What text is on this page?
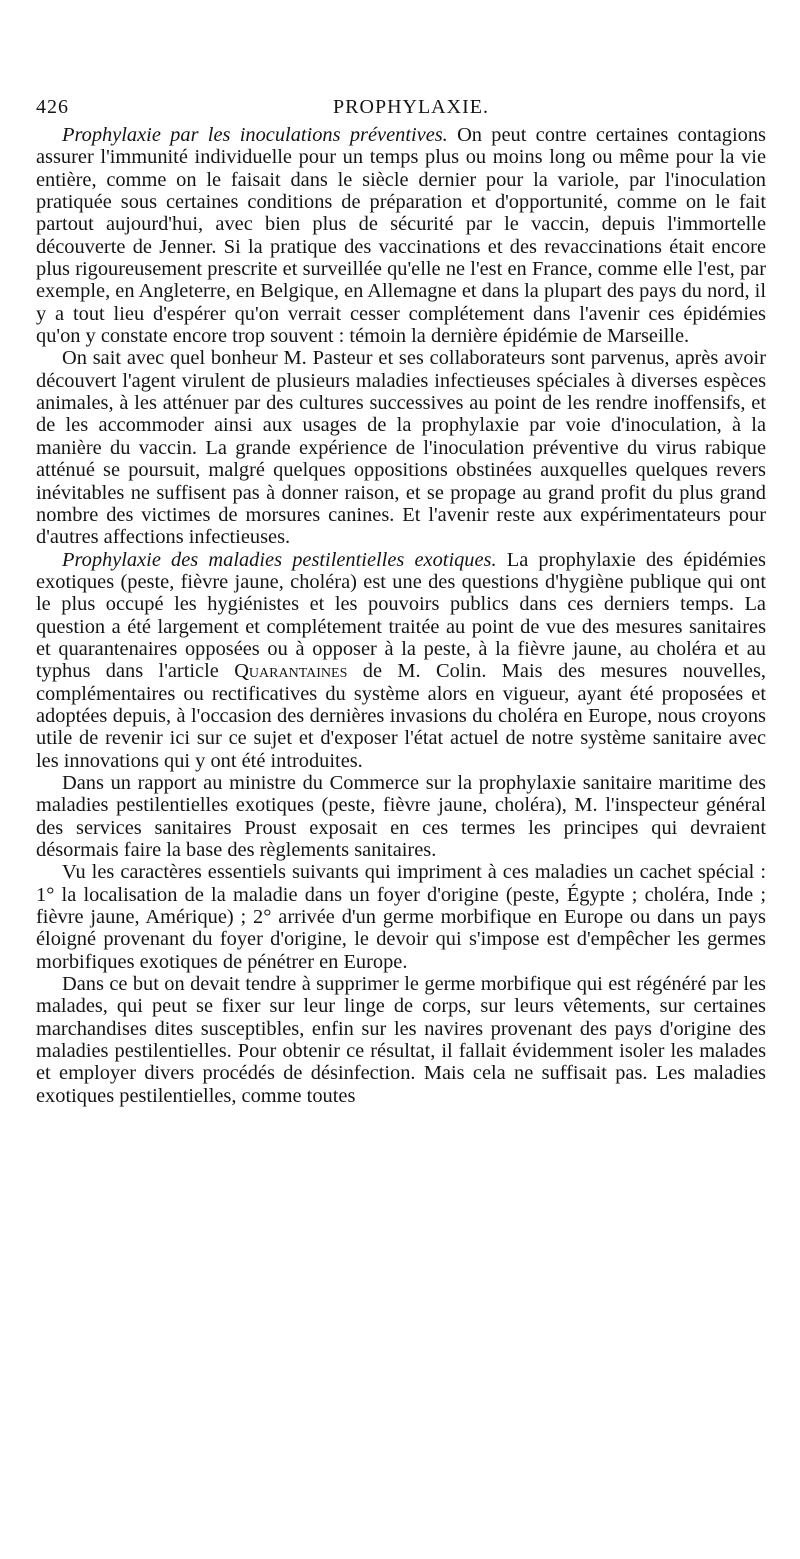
426	PROPHYLAXIE.

Prophylaxie par les inoculations préventives. On peut contre certaines contagions assurer l'immunité individuelle pour un temps plus ou moins long ou même pour la vie entière, comme on le faisait dans le siècle dernier pour la variole, par l'inoculation pratiquée sous certaines conditions de préparation et d'opportunité, comme on le fait partout aujourd'hui, avec bien plus de sécurité par le vaccin, depuis l'immortelle découverte de Jenner. Si la pratique des vaccinations et des revaccinations était encore plus rigoureusement prescrite et surveillée qu'elle ne l'est en France, comme elle l'est, par exemple, en Angleterre, en Belgique, en Allemagne et dans la plupart des pays du nord, il y a tout lieu d'espérer qu'on verrait cesser complétement dans l'avenir ces épidémies qu'on y constate encore trop souvent : témoin la dernière épidémie de Marseille.

On sait avec quel bonheur M. Pasteur et ses collaborateurs sont parvenus, après avoir découvert l'agent virulent de plusieurs maladies infectieuses spéciales à diverses espèces animales, à les atténuer par des cultures successives au point de les rendre inoffensifs, et de les accommoder ainsi aux usages de la prophylaxie par voie d'inoculation, à la manière du vaccin. La grande expérience de l'inoculation préventive du virus rabique atténué se poursuit, malgré quelques oppositions obstinées auxquelles quelques revers inévitables ne suffisent pas à donner raison, et se propage au grand profit du plus grand nombre des victimes de morsures canines. Et l'avenir reste aux expérimentateurs pour d'autres affections infectieuses.

Prophylaxie des maladies pestilentielles exotiques. La prophylaxie des épidémies exotiques (peste, fièvre jaune, choléra) est une des questions d'hygiène publique qui ont le plus occupé les hygiénistes et les pouvoirs publics dans ces derniers temps. La question a été largement et complétement traitée au point de vue des mesures sanitaires et quarantenaires opposées ou à opposer à la peste, à la fièvre jaune, au choléra et au typhus dans l'article Quarantaines de M. Colin. Mais des mesures nouvelles, complémentaires ou rectificatives du système alors en vigueur, ayant été proposées et adoptées depuis, à l'occasion des dernières invasions du choléra en Europe, nous croyons utile de revenir ici sur ce sujet et d'exposer l'état actuel de notre système sanitaire avec les innovations qui y ont été introduites.

Dans un rapport au ministre du Commerce sur la prophylaxie sanitaire maritime des maladies pestilentielles exotiques (peste, fièvre jaune, choléra), M. l'inspecteur général des services sanitaires Proust exposait en ces termes les principes qui devraient désormais faire la base des règlements sanitaires.

Vu les caractères essentiels suivants qui impriment à ces maladies un cachet spécial : 1° la localisation de la maladie dans un foyer d'origine (peste, Égypte ; choléra, Inde ; fièvre jaune, Amérique) ; 2° arrivée d'un germe morbifique en Europe ou dans un pays éloigné provenant du foyer d'origine, le devoir qui s'impose est d'empêcher les germes morbifiques exotiques de pénétrer en Europe.

Dans ce but on devait tendre à supprimer le germe morbifique qui est régénéré par les malades, qui peut se fixer sur leur linge de corps, sur leurs vêtements, sur certaines marchandises dites susceptibles, enfin sur les navires provenant des pays d'origine des maladies pestilentielles. Pour obtenir ce résultat, il fallait évidemment isoler les malades et employer divers procédés de désinfection. Mais cela ne suffisait pas. Les maladies exotiques pestilentielles, comme toutes
